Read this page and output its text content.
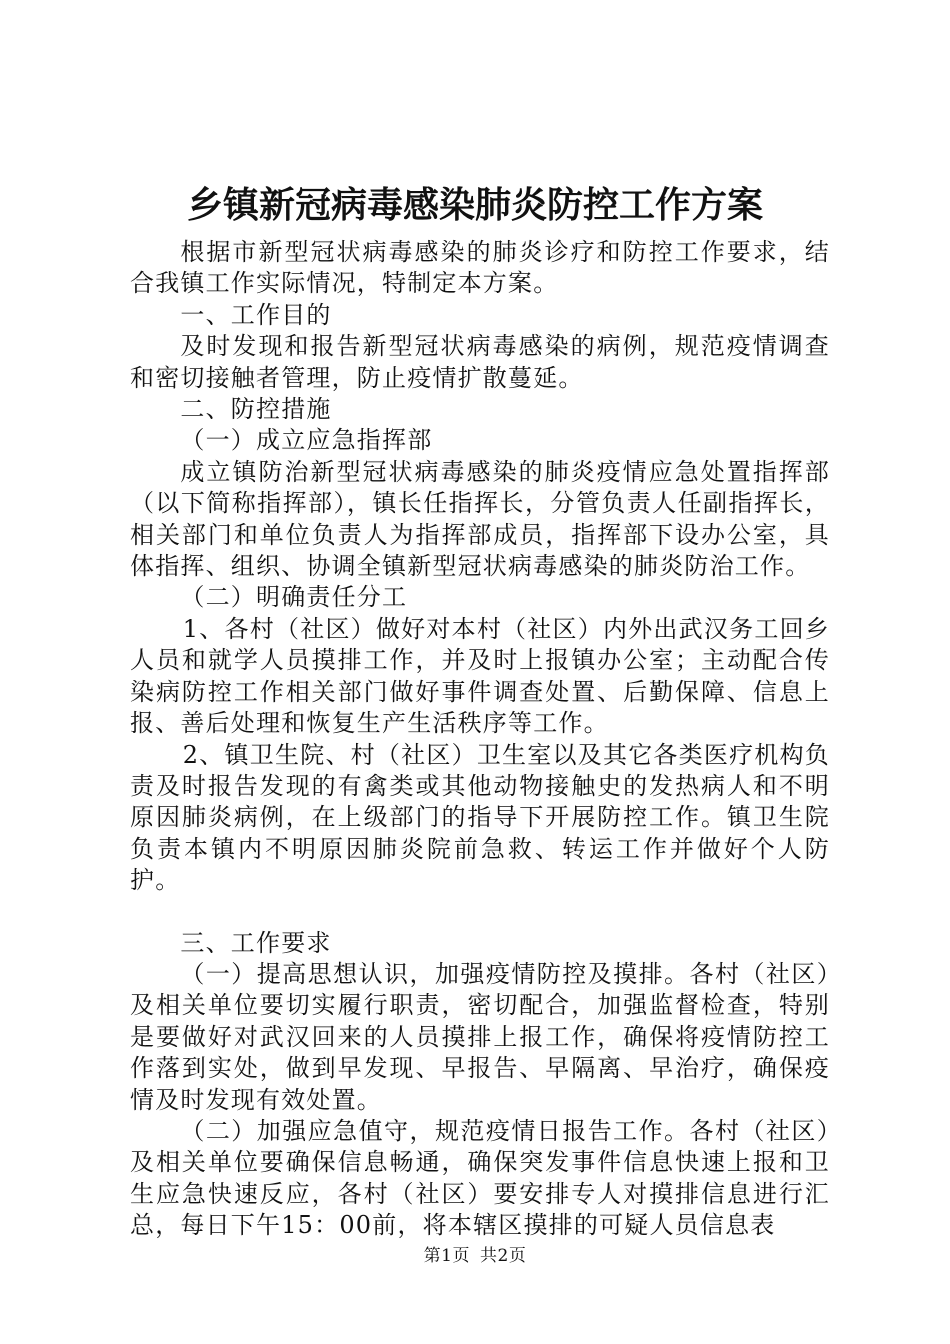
乡镇新冠病毒感染肺炎防控工作方案

根据市新型冠状病毒感染的肺炎诊疗和防控工作要求，结合我镇工作实际情况，特制定本方案。

一、工作目的

及时发现和报告新型冠状病毒感染的病例，规范疫情调查和密切接触者管理，防止疫情扩散蔓延。

二、防控措施

（一）成立应急指挥部

成立镇防治新型冠状病毒感染的肺炎疫情应急处置指挥部（以下简称指挥部），镇长任指挥长，分管负责人任副指挥长，相关部门和单位负责人为指挥部成员，指挥部下设办公室，具体指挥、组织、协调全镇新型冠状病毒感染的肺炎防治工作。

（二）明确责任分工

1、各村（社区）做好对本村（社区）内外出武汉务工回乡人员和就学人员摸排工作，并及时上报镇办公室；主动配合传染病防控工作相关部门做好事件调查处置、后勤保障、信息上报、善后处理和恢复生产生活秩序等工作。

2、镇卫生院、村（社区）卫生室以及其它各类医疗机构负责及时报告发现的有禽类或其他动物接触史的发热病人和不明原因肺炎病例，在上级部门的指导下开展防控工作。镇卫生院负责本镇内不明原因肺炎院前急救、转运工作并做好个人防护。

三、工作要求

（一）提高思想认识，加强疫情防控及摸排。各村（社区）及相关单位要切实履行职责，密切配合，加强监督检查，特别是要做好对武汉回来的人员摸排上报工作，确保将疫情防控工作落到实处，做到早发现、早报告、早隔离、早治疗，确保疫情及时发现有效处置。

（二）加强应急值守，规范疫情日报告工作。各村（社区）及相关单位要确保信息畅通，确保突发事件信息快速上报和卫生应急快速反应，各村（社区）要安排专人对摸排信息进行汇总，每日下午15：00前，将本辖区摸排的可疑人员信息表

第1页 共2页
